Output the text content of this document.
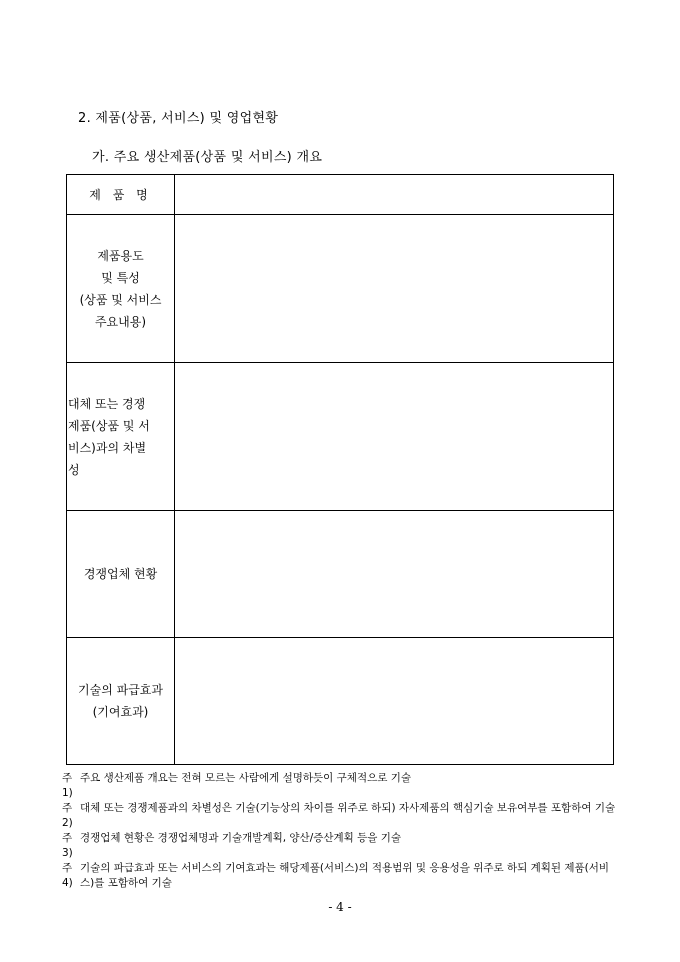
2. 제품(상품, 서비스) 및 영업현황
가. 주요 생산제품(상품 및 서비스) 개요
제 품 명	

제품용도
및 특성
(상품 및 서비스
주요내용)	

대체 또는 경쟁
제품(상품 및 서
비스)과의 차별
성	

경쟁업체 현황	

기술의 파급효과
(기여효과)	

주1)
주요 생산제품 개요는 전혀 모르는 사람에게 설명하듯이 구체적으로 기술
주2)
대체 또는 경쟁제품과의 차별성은 기술(기능상의 차이를 위주로 하되) 자사제품의 핵심기술 보유여부를 포함하여 기술
주3)
경쟁업체 현황은 경쟁업체명과 기술개발계획, 양산/증산계획 등을 기술
주4)
기술의 파급효과 또는 서비스의 기여효과는 해당제품(서비스)의 적용범위 및 응용성을 위주로 하되 계획된 제품(서비스)를 포함하여 기술
- 4 -
